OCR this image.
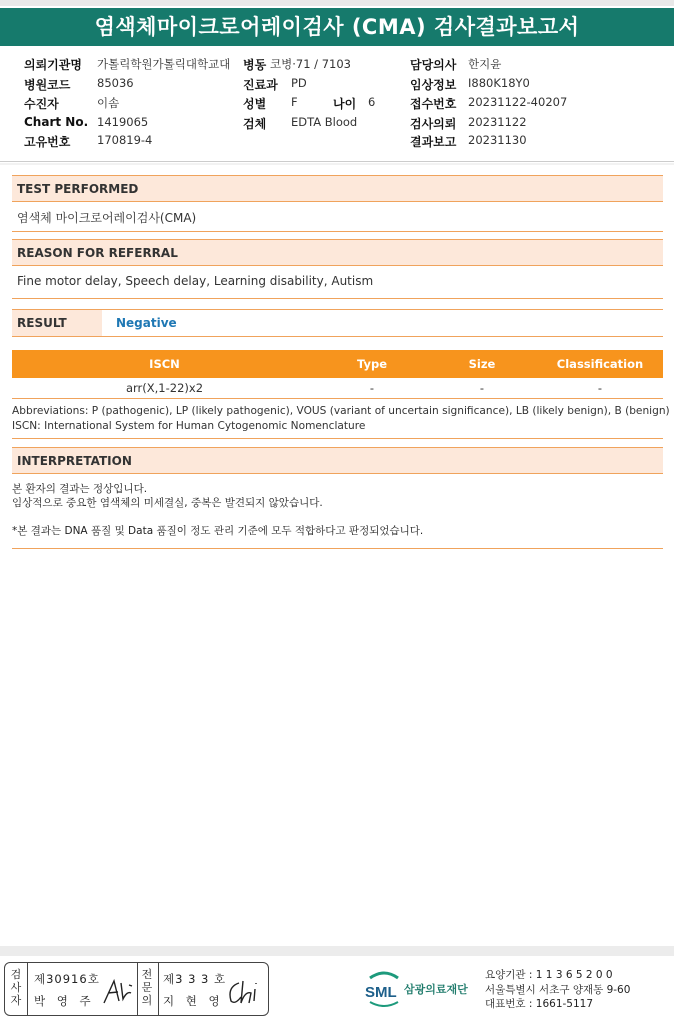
염색체마이크로어레이검사 (CMA) 검사결과보고서
의뢰기관명 가톨릭학원가톨릭대학교대 병동 코병·71 / 7103	담당의사 한지윤
병원코드 85036	진료과 PD	임상정보 I880K18Y0
수진자	이솜	성별 F	나이 6	접수번호 20231122-40207
Chart No. 1419065	검체 EDTA Blood	검사의뢰 20231122
고유번호 170819-4	결과보고 20231130
TEST PERFORMED
염색체 마이크로어레이검사(CMA)
REASON FOR REFERRAL
Fine motor delay, Speech delay, Learning disability, Autism
RESULT	Negative
ISCN	Type	Size	Classification
arr(X,1-22)x2	-	-	-
Abbreviations: P (pathogenic), LP (likely pathogenic), VOUS (variant of uncertain significance), LB (likely benign), B (benign)
ISCN: International System for Human Cytogenomic Nomenclature
INTERPRETATION
본 환자의 결과는 정상입니다.
임상적으로 중요한 염색체의 미세결실, 중복은 발견되지 않았습니다.
*본 결과는 DNA 품질 및 Data 품질이 정도 관리 기준에 모두 적합하다고 판정되었습니다.
검
사
자
제30916호
박 영 주
전
문
의
제3 3 3 호
지 현 영	SML 삼광의료재단
요양기관 : 1 1 3 6 5 2 0 0
서울특별시 서초구 양재동 9-60
대표번호 : 1661-5117
